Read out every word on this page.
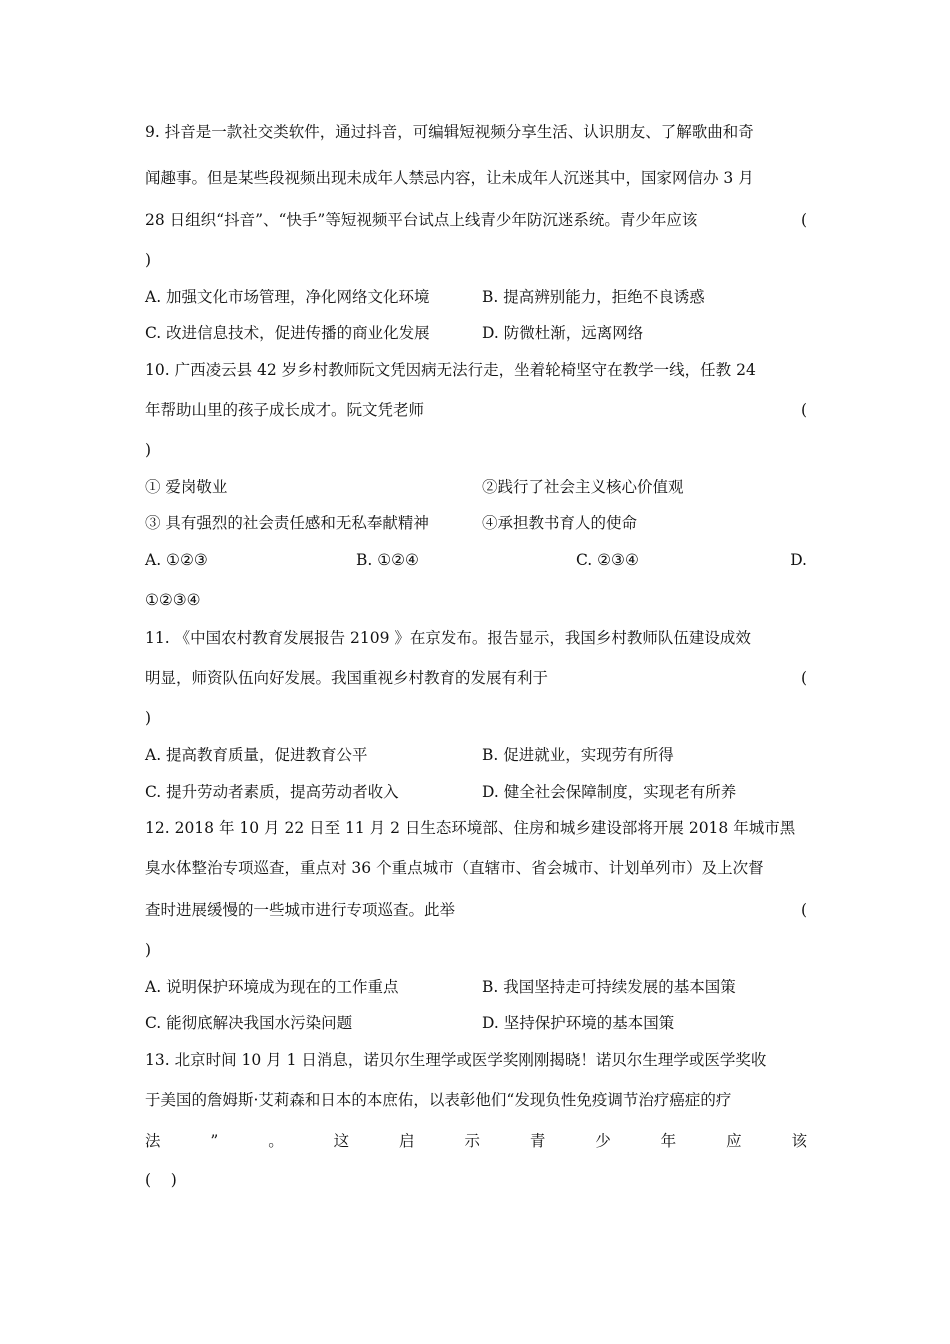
9. 抖音是一款社交类软件，通过抖音，可编辑短视频分享生活、认识朋友、了解歌曲和奇
闻趣事。但是某些段视频出现未成年人禁忌内容，让未成年人沉迷其中，国家网信办 3 月
28 日组织“抖音”、“快手”等短视频平台试点上线青少年防沉迷系统。青少年应该	(
)
A. 加强文化市场管理，净化网络文化环境	B. 提高辨别能力，拒绝不良诱惑
C. 改进信息技术，促进传播的商业化发展	D. 防微杜渐，远离网络
10. 广西凌云县 42 岁乡村教师阮文凭因病无法行走，坐着轮椅坚守在教学一线，任教 24
年帮助山里的孩子成长成才。阮文凭老师	(
)
① 爱岗敬业	②践行了社会主义核心价值观
③ 具有强烈的社会责任感和无私奉献精神	④承担教书育人的使命
A. ①②③	B. ①②④	C. ②③④	D.
①②③④
11. 《中国农村教育发展报告 2109 》在京发布。报告显示，我国乡村教师队伍建设成效
明显，师资队伍向好发展。我国重视乡村教育的发展有利于	(
)
A. 提高教育质量，促进教育公平	B. 促进就业，实现劳有所得
C. 提升劳动者素质，提高劳动者收入	D. 健全社会保障制度，实现老有所养
12. 2018 年 10 月 22 日至 11 月 2 日生态环境部、住房和城乡建设部将开展 2018 年城市黑
臭水体整治专项巡查，重点对 36 个重点城市（直辖市、省会城市、计划单列市）及上次督
查时进展缓慢的一些城市进行专项巡查。此举	(
)
A. 说明保护环境成为现在的工作重点	B. 我国坚持走可持续发展的基本国策
C. 能彻底解决我国水污染问题	D. 坚持保护环境的基本国策
13. 北京时间 10 月 1 日消息，诺贝尔生理学或医学奖刚刚揭晓！诺贝尔生理学或医学奖收
于美国的詹姆斯·艾莉森和日本的本庶佑，以表彰他们“发现负性免疫调节治疗癌症的疗
法	”	。	这	启	示	青	少	年	应	该
(    )
